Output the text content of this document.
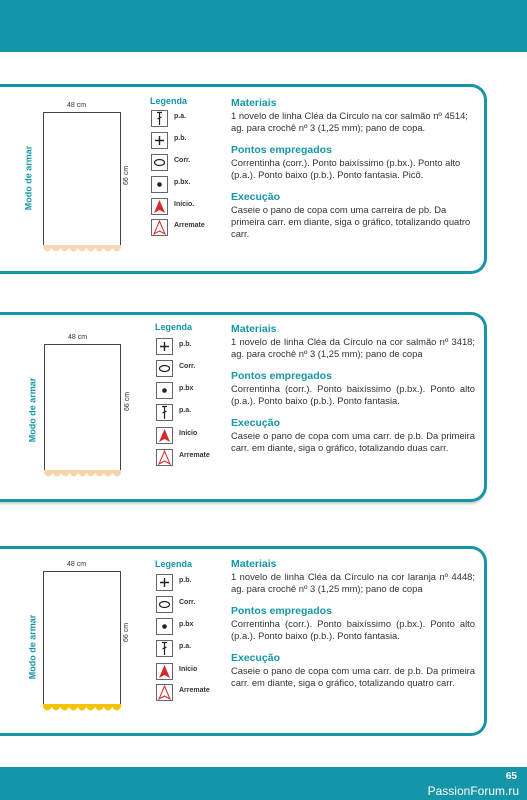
Modo de armar
48 cm
66 cm
Legenda
p.a.
p.b.
Corr.
p.bx.
Início.
Arremate

Materiais

1 novelo de linha Cléa da Círculo na cor salmão nº 4514; ag. para crochê nº 3 (1,25 mm); pano de copa.

Pontos empregados

Correntinha (corr.). Ponto baixíssimo (p.bx.). Ponto alto (p.a.). Ponto baixo (p.b.). Ponto fantasia. Picô.

Execução

Caseie o pano de copa com uma carreira de pb. Da primeira carr. em diante, siga o gráfico, totalizando quatro carr.

Modo de armar
48 cm
66 cm
Legenda
p.b.
Corr.
p.bx
p.a.
Início
Arremate

Materiais

1 novelo de linha Cléa da Círculo na cor salmão nº 3418; ag. para crochê nº 3 (1,25 mm); pano de copa

Pontos empregados

Correntinha (corr.). Ponto baixíssimo (p.bx.). Ponto alto (p.a.). Ponto baixo (p.b.). Ponto fantasia.

Execução

Caseie o pano de copa com uma carr. de p.b. Da primeira carr. em diante, siga o gráfico, totalizando duas carr.

Modo de armar
48 cm
66 cm
Legenda
p.b.
Corr.
p.bx
p.a.
Início
Arremate

Materiais

1 novelo de linha Cléa da Círculo na cor laranja nº 4448; ag. para crochê nº 3 (1,25 mm); pano de copa

Pontos empregados

Correntinha (corr.). Ponto baixíssimo (p.bx.). Ponto alto (p.a.). Ponto baixo (p.b.). Ponto fantasia.

Execução

Caseie o pano de copa com uma carr. de p.b. Da primeira carr. em diante, siga o gráfico, totalizando quatro carr.

65
PassionForum.ru
